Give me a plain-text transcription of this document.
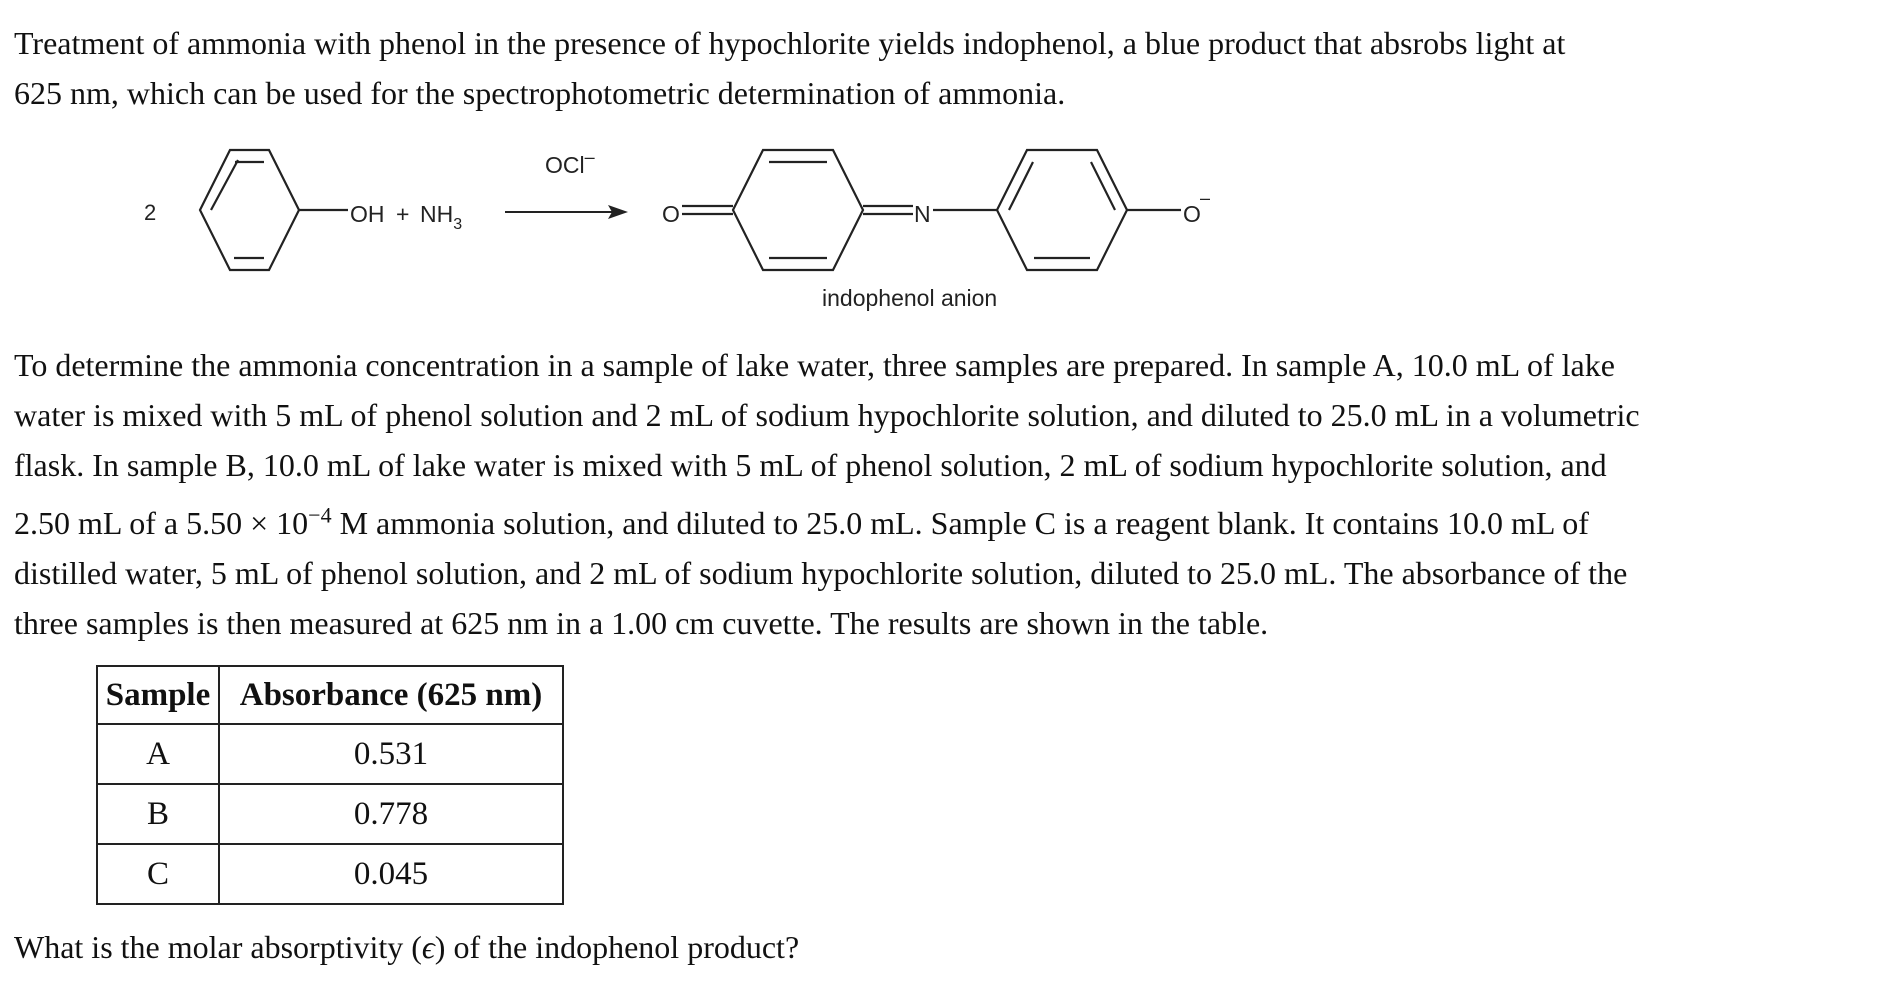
Treatment of ammonia with phenol in the presence of hypochlorite yields indophenol, a blue product that absrobs light at
625 nm, which can be used for the spectrophotometric determination of ammonia.

2	OH + $NH_3$
OCl–
O	N	O
–
indophenol anion

To determine the ammonia concentration in a sample of lake water, three samples are prepared. In sample A, 10.0 mL of lake
water is mixed with 5 mL of phenol solution and 2 mL of sodium hypochlorite solution, and diluted to 25.0 mL in a volumetric
flask. In sample B, 10.0 mL of lake water is mixed with 5 mL of phenol solution, 2 mL of sodium hypochlorite solution, and
2.50 mL of a $5.50 \times 10^{-4}$ M ammonia solution, and diluted to 25.0 mL. Sample C is a reagent blank. It contains 10.0 mL of
distilled water, 5 mL of phenol solution, and 2 mL of sodium hypochlorite solution, diluted to 25.0 mL. The absorbance of the
three samples is then measured at 625 nm in a 1.00 cm cuvette. The results are shown in the table.

Sample	Absorbance (625 nm)
A	0.531
B	0.778
C	0.045

What is the molar absorptivity (ϵ) of the indophenol product?
